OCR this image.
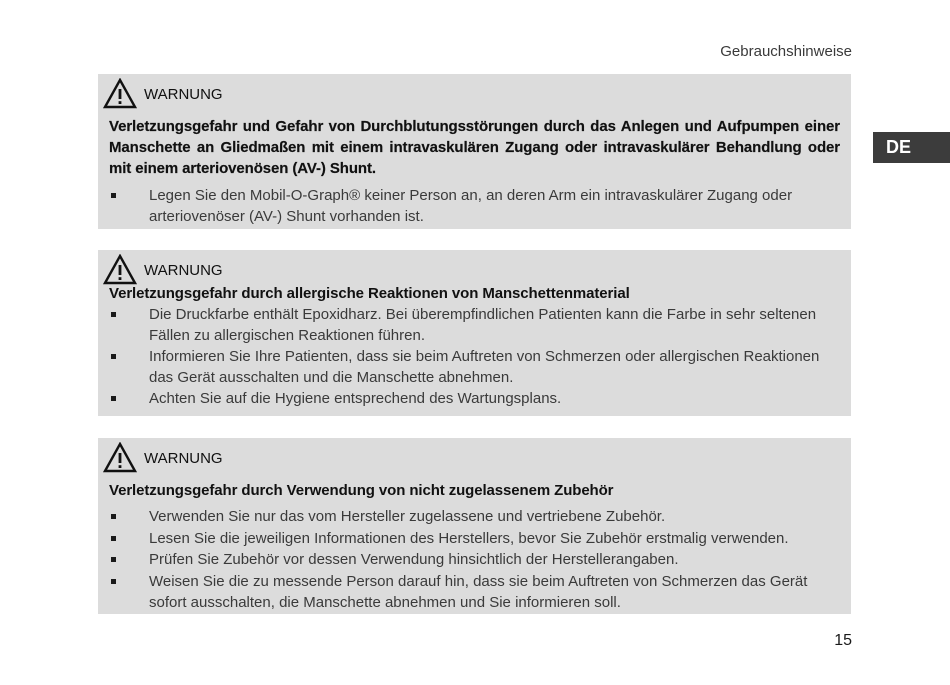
Gebrauchshinweise
DE
WARNUNG
Verletzungsgefahr und Gefahr von Durchblutungsstörungen durch das Anlegen und Aufpumpen einer Manschette an Gliedmaßen mit einem intravaskulären Zugang oder intravaskulärer Behandlung oder mit einem arteriovenösen (AV-) Shunt.
Legen Sie den Mobil-O-Graph® keiner Person an, an deren Arm ein intravaskulärer Zugang oder arteriovenöser (AV-) Shunt vorhanden ist.
WARNUNG
Verletzungsgefahr durch allergische Reaktionen von Manschettenmaterial
Die Druckfarbe enthält Epoxidharz. Bei überempfindlichen Patienten kann die Farbe in sehr seltenen Fällen zu allergischen Reaktionen führen.
Informieren Sie Ihre Patienten, dass sie beim Auftreten von Schmerzen oder allergischen Reaktionen das Gerät ausschalten und die Manschette abnehmen.
Achten Sie auf die Hygiene entsprechend des Wartungsplans.
WARNUNG
Verletzungsgefahr durch Verwendung von nicht zugelassenem Zubehör
Verwenden Sie nur das vom Hersteller zugelassene und vertriebene Zubehör.
Lesen Sie die jeweiligen Informationen des Herstellers, bevor Sie Zubehör erstmalig verwenden.
Prüfen Sie Zubehör vor dessen Verwendung hinsichtlich der Herstellerangaben.
Weisen Sie die zu messende Person darauf hin, dass sie beim Auftreten von Schmerzen das Gerät sofort ausschalten, die Manschette abnehmen und Sie informieren soll.
15
